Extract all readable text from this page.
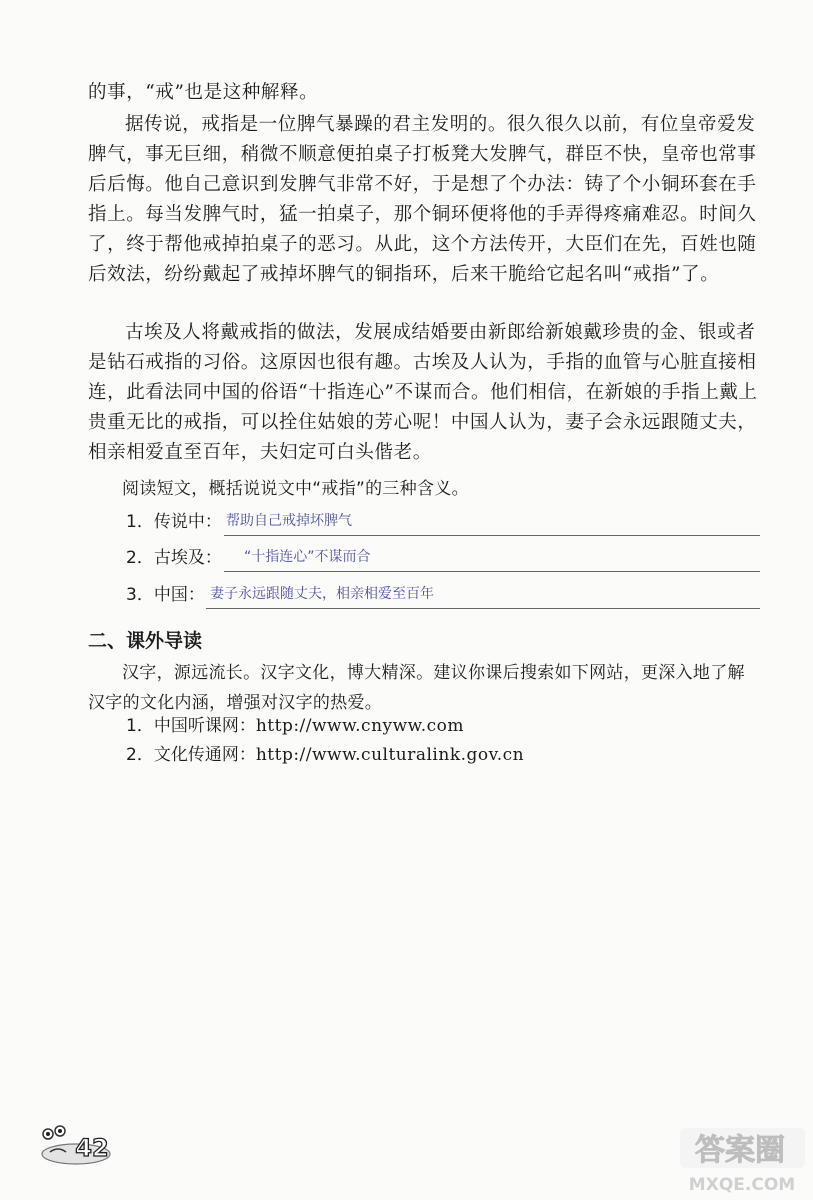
的事，“戒”也是这种解释。

据传说，戒指是一位脾气暴躁的君主发明的。很久很久以前，有位皇帝爱发脾气，事无巨细，稍微不顺意便拍桌子打板凳大发脾气，群臣不快，皇帝也常事后后悔。他自己意识到发脾气非常不好，于是想了个办法：铸了个小铜环套在手指上。每当发脾气时，猛一拍桌子，那个铜环便将他的手弄得疼痛难忍。时间久了，终于帮他戒掉拍桌子的恶习。从此，这个方法传开，大臣们在先，百姓也随后效法，纷纷戴起了戒掉坏脾气的铜指环，后来干脆给它起名叫“戒指”了。

古埃及人将戴戒指的做法，发展成结婚要由新郎给新娘戴珍贵的金、银或者是钻石戒指的习俗。这原因也很有趣。古埃及人认为，手指的血管与心脏直接相连，此看法同中国的俗语“十指连心”不谋而合。他们相信，在新娘的手指上戴上贵重无比的戒指，可以拴住姑娘的芳心呢！中国人认为，妻子会永远跟随丈夫，相亲相爱直至百年，夫妇定可白头偕老。

阅读短文，概括说说文中“戒指”的三种含义。

1．传说中： 帮助自己戒掉坏脾气
2．古埃及： “十指连心”不谋而合
3．中国： 妻子永远跟随丈夫，相亲相爱至百年
二、课外导读

汉字，源远流长。汉字文化，博大精深。建议你课后搜索如下网站，更深入地了解汉字的文化内涵，增强对汉字的热爱。

1．中国听课网：http://www.cnyww.com
2．文化传通网：http://www.culturalink.gov.cn
42	答案圈
MXQE.COM
